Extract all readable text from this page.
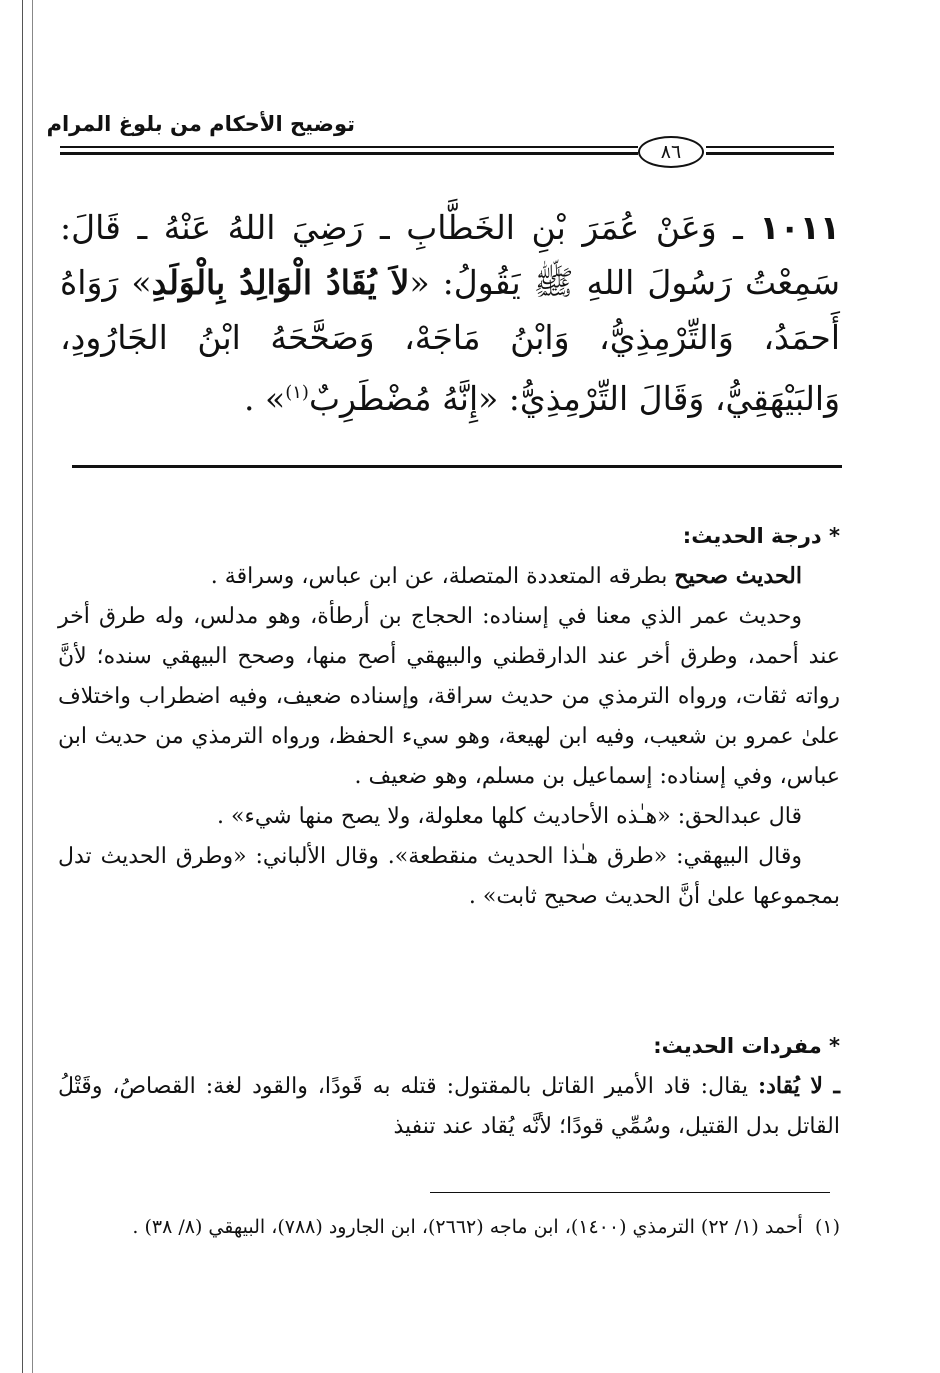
توضيح الأحكام من بلوغ المرام
٨٦
١٠١١ ـ وَعَنْ عُمَرَ بْنِ الخَطَّابِ ـ رَضِيَ اللهُ عَنْهُ ـ قَالَ: سَمِعْتُ رَسُولَ اللهِ ﷺ يَقُولُ: «لاَ يُقَادُ الْوَالِدُ بِالْوَلَدِ» رَوَاهُ أَحمَدُ، وَالتِّرْمِذِيُّ، وَابْنُ مَاجَهْ، وَصَحَّحَهُ ابْنُ الجَارُودِ، وَالبَيْهَقِيُّ، وَقَالَ التِّرْمِذِيُّ: «إِنَّهُ مُضْطَرِبٌ$^{(١)}$» .
* درجة الحديث:

الحديث صحيح بطرقه المتعددة المتصلة، عن ابن عباس، وسراقة .

وحديث عمر الذي معنا في إسناده: الحجاج بن أرطأة، وهو مدلس، وله طرق أخر عند أحمد، وطرق أخر عند الدارقطني والبيهقي أصح منها، وصحح البيهقي سنده؛ لأنَّ رواته ثقات، ورواه الترمذي من حديث سراقة، وإسناده ضعيف، وفيه اضطراب واختلاف علىٰ عمرو بن شعيب، وفيه ابن لهيعة، وهو سيء الحفظ، ورواه الترمذي من حديث ابن عباس، وفي إسناده: إسماعيل بن مسلم، وهو ضعيف .

قال عبدالحق: «هـٰذه الأحاديث كلها معلولة، ولا يصح منها شيء» .

وقال البيهقي: «طرق هـٰذا الحديث منقطعة». وقال الألباني: «وطرق الحديث تدل بمجموعها علىٰ أنَّ الحديث صحيح ثابت» .

* مفردات الحديث:

ـ لا يُقاد: يقال: قاد الأمير القاتل بالمقتول: قتله به قَودًا، والقود لغة: القصاصُ، وقَتْلُ القاتل بدل القتيل، وسُمِّي قودًا؛ لأنَّه يُقاد عند تنفيذ

(١)  أحمد (١/ ٢٢) الترمذي (١٤٠٠)، ابن ماجه (٢٦٦٢)، ابن الجارود (٧٨٨)، البيهقي (٨/ ٣٨) .
